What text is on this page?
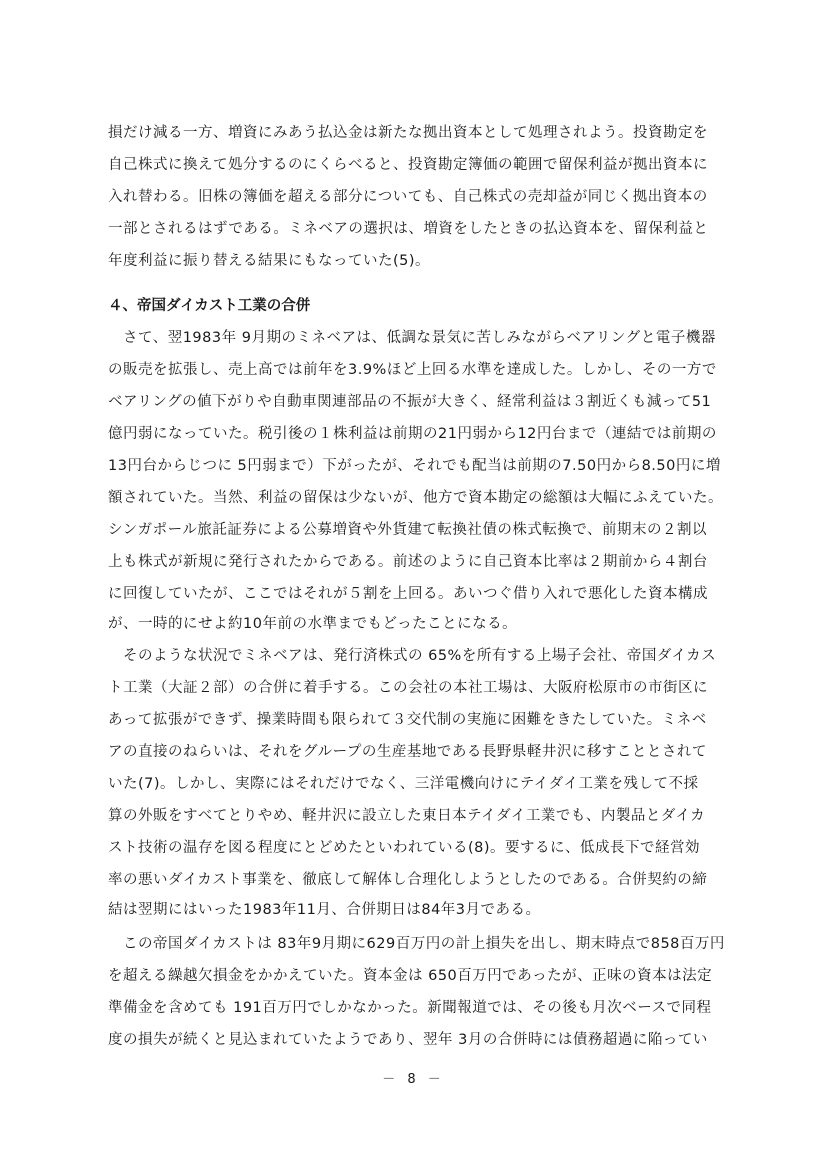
損だけ減る一方、増資にみあう払込金は新たな拠出資本として処理されよう。投資勘定を
自己株式に換えて処分するのにくらべると、投資勘定簿価の範囲で留保利益が拠出資本に
入れ替わる。旧株の簿価を超える部分についても、自己株式の売却益が同じく拠出資本の
一部とされるはずである。ミネベアの選択は、増資をしたときの払込資本を、留保利益と
年度利益に振り替える結果にもなっていた(5)。
４、帝国ダイカスト工業の合併
　さて、翌1983年 9月期のミネベアは、低調な景気に苦しみながらベアリングと電子機器
の販売を拡張し、売上高では前年を3.9%ほど上回る水準を達成した。しかし、その一方で
ベアリングの値下がりや自動車関連部品の不振が大きく、経常利益は３割近くも減って51
億円弱になっていた。税引後の１株利益は前期の21円弱から12円台まで（連結では前期の
13円台からじつに 5円弱まで）下がったが、それでも配当は前期の7.50円から8.50円に増
額されていた。当然、利益の留保は少ないが、他方で資本勘定の総額は大幅にふえていた。
シンガポール旅託証券による公募増資や外貨建て転換社債の株式転換で、前期末の２割以
上も株式が新規に発行されたからである。前述のように自己資本比率は２期前から４割台
に回復していたが、ここではそれが５割を上回る。あいつぐ借り入れで悪化した資本構成
が、一時的にせよ約10年前の水準までもどったことになる。
　そのような状況でミネベアは、発行済株式の 65%を所有する上場子会社、帝国ダイカス
ト工業（大証２部）の合併に着手する。この会社の本社工場は、大阪府松原市の市街区に
あって拡張ができず、操業時間も限られて３交代制の実施に困難をきたしていた。ミネベ
アの直接のねらいは、それをグループの生産基地である長野県軽井沢に移すこととされて
いた(7)。しかし、実際にはそれだけでなく、三洋電機向けにテイダイ工業を残して不採
算の外販をすべてとりやめ、軽井沢に設立した東日本テイダイ工業でも、内製品とダイカ
スト技術の温存を図る程度にとどめたといわれている(8)。要するに、低成長下で経営効
率の悪いダイカスト事業を、徹底して解体し合理化しようとしたのである。合併契約の締
結は翌期にはいった1983年11月、合併期日は84年3月である。
　この帝国ダイカストは 83年9月期に629百万円の計上損失を出し、期末時点で858百万円
を超える繰越欠損金をかかえていた。資本金は 650百万円であったが、正味の資本は法定
準備金を含めても 191百万円でしかなかった。新聞報道では、その後も月次ベースで同程
度の損失が続くと見込まれていたようであり、翌年 3月の合併時には債務超過に陥ってい
－ 8 －
